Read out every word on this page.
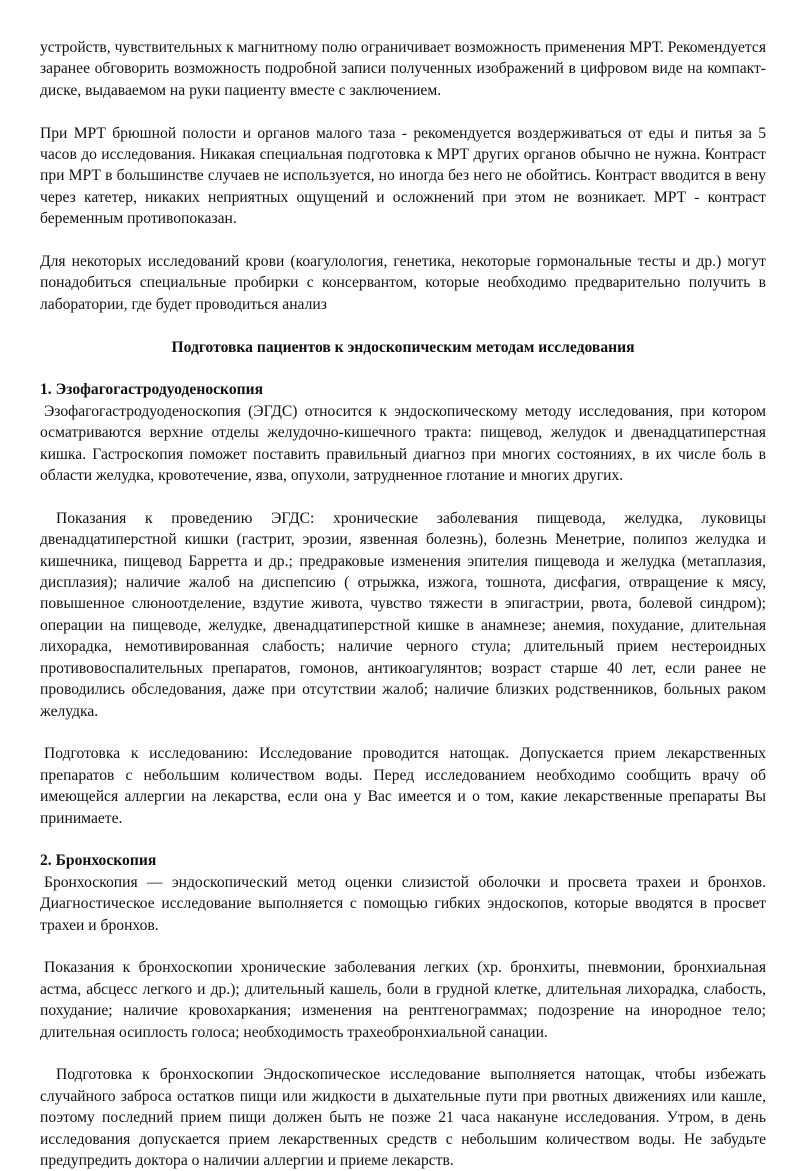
устройств, чувствительных к магнитному полю ограничивает возможность применения МРТ. Рекомендуется заранее обговорить возможность подробной записи полученных изображений в цифровом виде на компакт-диске, выдаваемом на руки пациенту вместе с заключением.

При МРТ брюшной полости и органов малого таза - рекомендуется воздерживаться от еды и питья за 5 часов до исследования. Никакая специальная подготовка к МРТ других органов обычно не нужна. Контраст при МРТ в большинстве случаев не используется, но иногда без него не обойтись. Контраст вводится в вену через катетер, никаких неприятных ощущений и осложнений при этом не возникает. МРТ - контраст беременным противопоказан.

Для некоторых исследований крови (коагулология, генетика, некоторые гормональные тесты и др.) могут понадобиться специальные пробирки с консервантом, которые необходимо предварительно получить в лаборатории, где будет проводиться анализ

Подготовка пациентов к эндоскопическим методам исследования

1. Эзофагогастродуоденоскопия

Эзофагогастродуоденоскопия (ЭГДС) относится к эндоскопическому методу исследования, при котором осматриваются верхние отделы желудочно-кишечного тракта: пищевод, желудок и двенадцатиперстная кишка. Гастроскопия поможет поставить правильный диагноз при многих состояниях, в их числе боль в области желудка, кровотечение, язва, опухоли, затрудненное глотание и многих других.

Показания к проведению ЭГДС: хронические заболевания пищевода, желудка, луковицы двенадцатиперстной кишки (гастрит, эрозии, язвенная болезнь), болезнь Менетрие, полипоз желудка и кишечника, пищевод Барретта и др.; предраковые изменения эпителия пищевода и желудка (метаплазия, дисплазия); наличие жалоб на диспепсию ( отрыжка, изжога, тошнота, дисфагия, отвращение к мясу, повышенное слюноотделение, вздутие живота, чувство тяжести в эпигастрии, рвота, болевой синдром); операции на пищеводе, желудке, двенадцатиперстной кишке в анамнезе; анемия, похудание, длительная лихорадка, немотивированная слабость; наличие черного стула; длительный прием нестероидных противовоспалительных препаратов, гомонов, антикоагулянтов; возраст старше 40 лет, если ранее не проводились обследования, даже при отсутствии жалоб; наличие близких родственников, больных раком желудка.

Подготовка к исследованию: Исследование проводится натощак. Допускается прием лекарственных препаратов с небольшим количеством воды. Перед исследованием необходимо сообщить врачу об имеющейся аллергии на лекарства, если она у Вас имеется и о том, какие лекарственные препараты Вы принимаете.

2. Бронхоскопия

Бронхоскопия — эндоскопический метод оценки слизистой оболочки и просвета трахеи и бронхов. Диагностическое исследование выполняется с помощью гибких эндоскопов, которые вводятся в просвет трахеи и бронхов.

Показания к бронхоскопии хронические заболевания легких (хр. бронхиты, пневмонии, бронхиальная астма, абсцесс легкого и др.); длительный кашель, боли в грудной клетке, длительная лихорадка, слабость, похудание; наличие кровохаркания; изменения на рентгенограммах; подозрение на инородное тело; длительная осиплость голоса; необходимость трахеобронхиальной санации.

Подготовка к бронхоскопии Эндоскопическое исследование выполняется натощак, чтобы избежать случайного заброса остатков пищи или жидкости в дыхательные пути при рвотных движениях или кашле, поэтому последний прием пищи должен быть не позже 21 часа накануне исследования. Утром, в день исследования допускается прием лекарственных средств с небольшим количеством воды. Не забудьте предупредить доктора о наличии аллергии и приеме лекарств.
